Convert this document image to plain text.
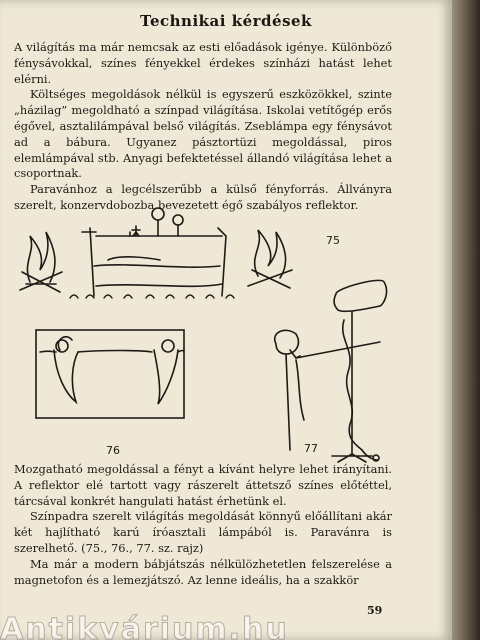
Technikai kérdések

A világítás ma már nemcsak az esti előadások igénye. Különböző fénysávokkal, színes fényekkel érdekes színházi hatást lehet elérni.

Költséges megoldások nélkül is egyszerű eszközökkel, szinte „házilag” megoldható a színpad világítása. Iskolai vetítőgép erős égővel, asztalilámpával belső világítás. Zseblámpa egy fénysávot ad a bábura. Ugyanez pásztortüzi megoldással, piros elemlámpával stb. Anyagi befektetéssel állandó világítása lehet a csoportnak.

Paravánhoz a legcélszerűbb a külső fényforrás. Állványra szerelt, konzervdobozba bevezetett égő szabályos reflektor.

75
76	77

Mozgatható megoldással a fényt a kívánt helyre lehet irányítani. A reflektor elé tartott vagy rászerelt áttetsző színes előtéttel, tárcsával konkrét hangulati hatást érhetünk el.

Színpadra szerelt világítás megoldását könnyű előállítani akár két hajlítható karú íróasztali lámpából is. Paravánra is szerelhető. (75., 76., 77. sz. rajz)

Ma már a modern bábjátszás nélkülözhetetlen felszerelése a magnetofon és a lemezjátszó. Az lenne ideális, ha a szakkör

59
Antikvárium.hu
